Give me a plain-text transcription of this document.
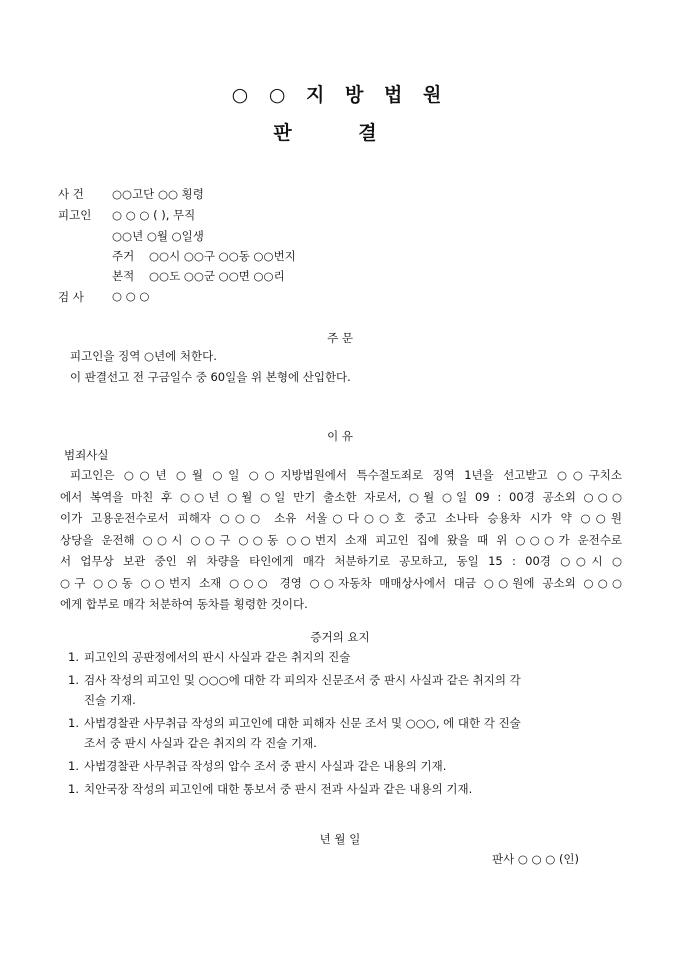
○ ○ 지 방 법 원
판 결
사 건 ○○고단 ○○ 횡령
피고인 ○ ○ ○ ( ), 무직
○○년 ○월 ○일생
주거 ○○시 ○○구 ○○동 ○○번지
본적 ○○도 ○○군 ○○면 ○○리
검 사 ○ ○ ○
주 문
피고인을 징역 ○년에 처한다.
이 판결선고 전 구금일수 중 60일을 위 본형에 산입한다.
이 유
범죄사실
피고인은 ○○년 ○월 ○일 ○○지방법원에서 특수절도죄로 징역 1년을 선고받고 ○○구치소
에서 복역을 마친 후 ○○년 ○월 ○일 만기 출소한 자로서, ○월 ○일 09 : 00경 공소외 ○○○
이가 고용운전수로서 피해자 ○○○ 소유 서울○다○○호 중고 소나타 승용차 시가 약 ○○원
상당을 운전해 ○○시 ○○구 ○○동 ○○번지 소재 피고인 집에 왔을 때 위 ○○○가 운전수로
서 업무상 보관 중인 위 차량을 타인에게 매각 처분하기로 공모하고, 동일 15 : 00경 ○○시 ○
○구 ○○동 ○○번지 소재 ○○○ 경영 ○○자동차 매매상사에서 대금 ○○원에 공소외 ○○○
에게 합부로 매각 처분하여 동차를 횡령한 것이다.
증거의 요지
1. 피고인의 공판정에서의 판시 사실과 같은 취지의 진술
1. 검사 작성의 피고인 및 ○○○에 대한 각 피의자 신문조서 중 판시 사실과 같은 취지의 각
진술 기재.
1. 사법경찰관 사무취급 작성의 피고인에 대한 피해자 신문 조서 및 ○○○, 에 대한 각 진술
조서 중 판시 사실과 같은 취지의 각 진술 기재.
1. 사법경찰관 사무취급 작성의 압수 조서 중 판시 사실과 같은 내용의 기재.
1. 치안국장 작성의 피고인에 대한 통보서 중 판시 전과 사실과 같은 내용의 기재.
년 월 일
판사 ○ ○ ○ (인)
